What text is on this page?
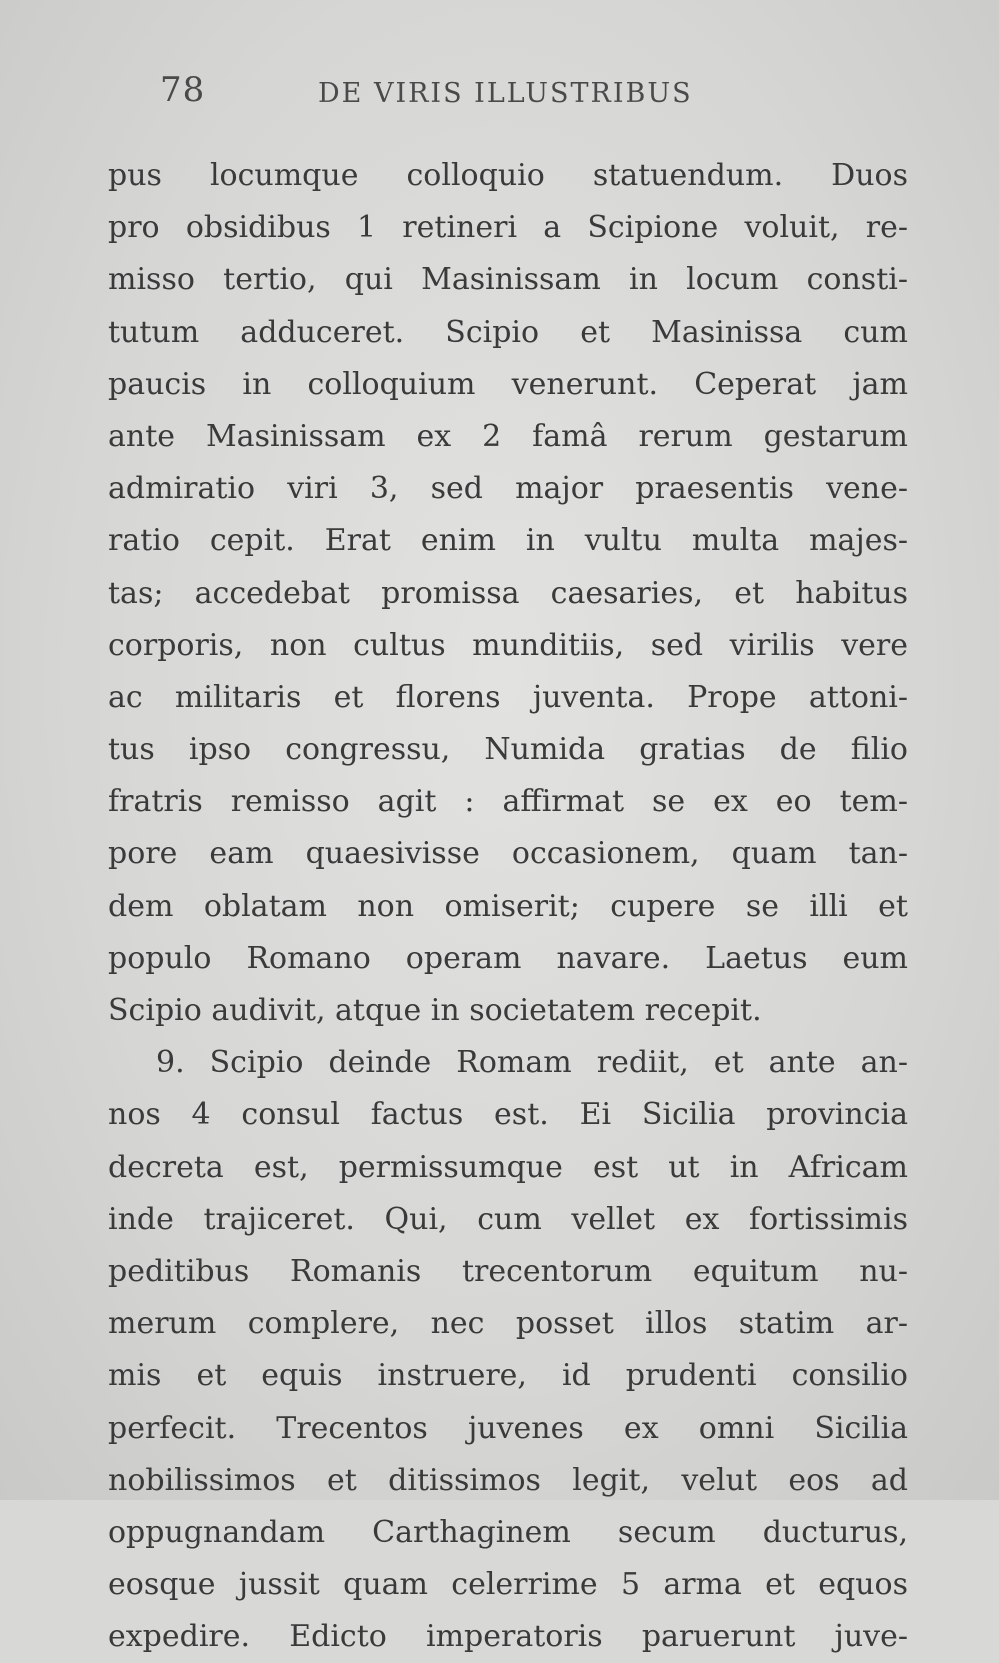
78	DE VIRIS ILLUSTRIBUS
pus locumque colloquio statuendum. Duos
pro obsidibus 1 retineri a Scipione voluit, re-
misso tertio, qui Masinissam in locum consti-
tutum adduceret. Scipio et Masinissa cum
paucis in colloquium venerunt. Ceperat jam
ante Masinissam ex 2 famâ rerum gestarum
admiratio viri 3, sed major praesentis vene-
ratio cepit. Erat enim in vultu multa majes-
tas; accedebat promissa caesaries, et habitus
corporis, non cultus munditiis, sed virilis vere
ac militaris et florens juventa. Prope attoni-
tus ipso congressu, Numida gratias de filio
fratris remisso agit : affirmat se ex eo tem-
pore eam quaesivisse occasionem, quam tan-
dem oblatam non omiserit; cupere se illi et
populo Romano operam navare. Laetus eum
Scipio audivit, atque in societatem recepit.
9. Scipio deinde Romam rediit, et ante an-
nos 4 consul factus est. Ei Sicilia provincia
decreta est, permissumque est ut in Africam
inde trajiceret. Qui, cum vellet ex fortissimis
peditibus Romanis trecentorum equitum nu-
merum complere, nec posset illos statim ar-
mis et equis instruere, id prudenti consilio
perfecit. Trecentos juvenes ex omni Sicilia
nobilissimos et ditissimos legit, velut eos ad
oppugnandam Carthaginem secum ducturus,
eosque jussit quam celerrime 5 arma et equos
expedire. Edicto imperatoris paruerunt juve-
